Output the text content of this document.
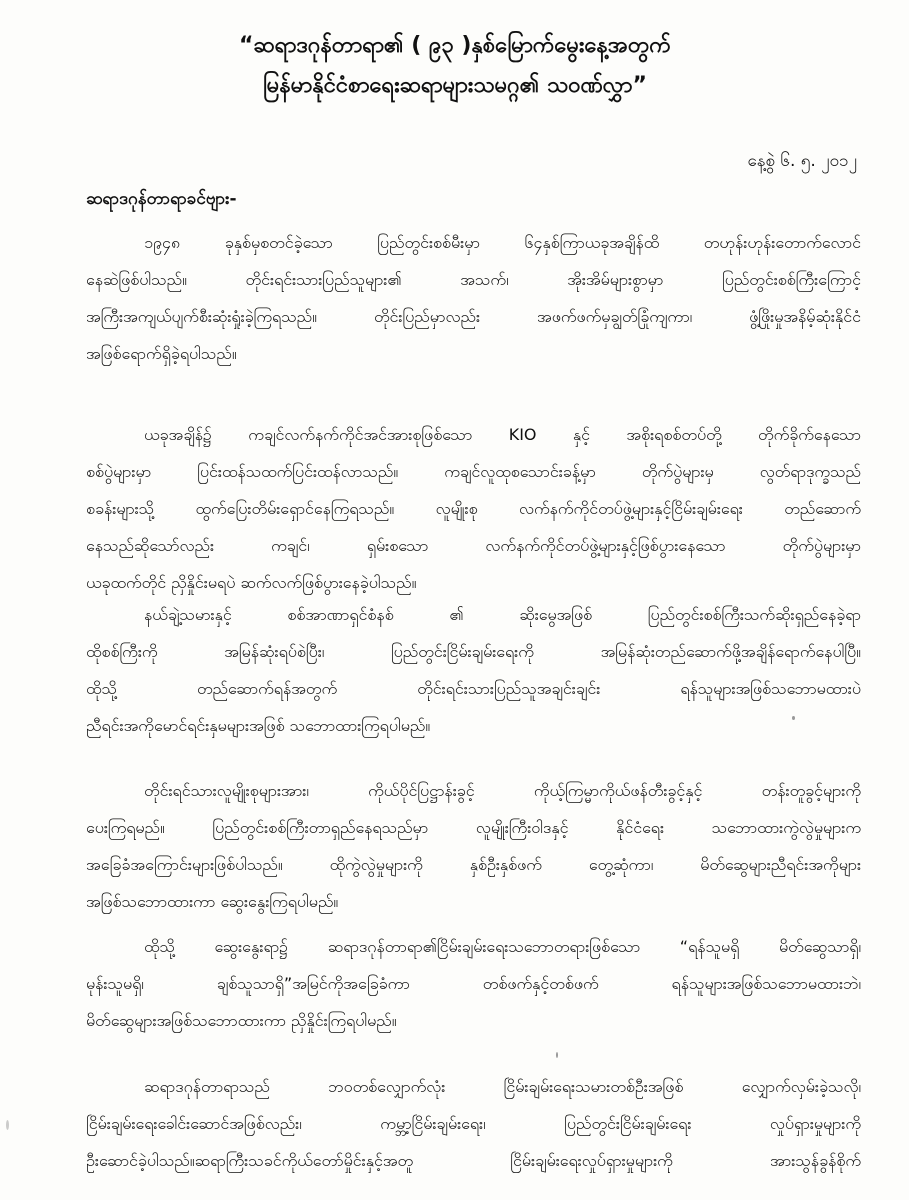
“ဆရာဒဂုန်တာရာ၏ ( ၉၃ )နှစ်မြောက်မွေးနေ့အတွက်
မြန်မာနိုင်ငံစာရေးဆရာများသမဂ္ဂ၏ သဝဏ်လွှာ”
နေ့စွဲ ၆. ၅. ၂၀၁၂
ဆရာဒဂုန်တာရာခင်ဗျား-
၁၉၄၈ ခုနှစ်မှစတင်ခဲ့သော ပြည်တွင်းစစ်မီးမှာ ၆၄နှစ်ကြာယခုအချိန်ထိ တဟုန်းဟုန်းတောက်လောင်
နေဆဲဖြစ်ပါသည်။ တိုင်းရင်းသားပြည်သူများ၏ အသက်၊ အိုးအိမ်များစွာမှာ ပြည်တွင်းစစ်ကြီးကြောင့်
အကြီးအကျယ်ပျက်စီးဆုံးရှုံးခဲ့ကြရသည်။ တိုင်းပြည်မှာလည်း အဖက်ဖက်မှချွတ်ခြုံကျကာ၊ ဖွံ့ဖြိုးမှုအနိမ့်ဆုံးနိုင်ငံ
အဖြစ်ရောက်ရှိခဲ့ရပါသည်။
ယခုအချိန်၌ ကချင်လက်နက်ကိုင်အင်အားစုဖြစ်သော KIO နှင့် အစိုးရစစ်တပ်တို့ တိုက်ခိုက်နေသော
စစ်ပွဲများမှာ ပြင်းထန်သထက်ပြင်းထန်လာသည်။ ကချင်လူထုစသောင်းခန့်မှာ တိုက်ပွဲများမှ လွတ်ရာဒုက္ခသည်
စခန်းများသို့ ထွက်ပြေးတိမ်းရှောင်နေကြရသည်။ လူမျိုးစု လက်နက်ကိုင်တပ်ဖွဲ့များနှင့်ငြိမ်းချမ်းရေး တည်ဆောက်
နေသည်ဆိုသော်လည်း ကချင်၊ ရှမ်းစသော လက်နက်ကိုင်တပ်ဖွဲ့များနှင့်ဖြစ်ပွားနေသော တိုက်ပွဲများမှာ
ယခုထက်တိုင် ညှိနှိုင်းမရပဲ ဆက်လက်ဖြစ်ပွားနေခဲ့ပါသည်။
နယ်ချဲ့သမားနှင့် စစ်အာဏာရှင်စံနစ် ၏ ဆိုးမွေအဖြစ် ပြည်တွင်းစစ်ကြီးသက်ဆိုးရှည်နေခဲ့ရာ
ထိုစစ်ကြီးကို အမြန်ဆုံးရပ်စဲပြီး၊ ပြည်တွင်းငြိမ်းချမ်းရေးကို အမြန်ဆုံးတည်ဆောက်ဖို့အချိန်ရောက်နေပါပြီ။
ထိုသို့ တည်ဆောက်ရန်အတွက် တိုင်းရင်းသားပြည်သူအချင်းချင်း ရန်သူများအဖြစ်သဘောမထားပဲ
ညီရင်းအကိုမောင်ရင်းနှမများအဖြစ် သဘောထားကြရပါမည်။
တိုင်းရင်သားလူမျိုးစုများအား၊ ကိုယ်ပိုင်ပြဋ္ဌာန်းခွင့် ကိုယ့်ကြမ္မာကိုယ်ဖန်တီးခွင့်နှင့် တန်းတူခွင့်များကို
ပေးကြရမည်။ ပြည်တွင်းစစ်ကြီးတာရှည်နေရသည်မှာ လူမျိုးကြီးဝါဒနှင့် နိုင်ငံရေး သဘောထားကွဲလွဲမှုများက
အခြေခံအကြောင်းများဖြစ်ပါသည်။ ထိုကွဲလွဲမှုများကို နှစ်ဦးနှစ်ဖက် တွေ့ဆုံကာ၊ မိတ်ဆွေများညီရင်းအကိုများ
အဖြစ်သဘောထားကာ ဆွေးနွေးကြရပါမည်။
ထိုသို့ ဆွေးနွေးရာ၌ ဆရာဒဂုန်တာရာ၏ငြိမ်းချမ်းရေးသဘောတရားဖြစ်သော “ရန်သူမရှိ မိတ်ဆွေသာရှိ၊
မုန်းသူမရှိ၊ ချစ်သူသာရှိ”အမြင်ကိုအခြေခံကာ တစ်ဖက်နှင့်တစ်ဖက် ရန်သူများအဖြစ်သဘောမထားဘဲ၊
မိတ်ဆွေများအဖြစ်သဘောထားကာ ညှိနှိုင်းကြရပါမည်။
ဆရာဒဂုန်တာရာသည် ဘဝတစ်လျှောက်လုံး ငြိမ်းချမ်းရေးသမားတစ်ဦးအဖြစ် လျှောက်လှမ်းခဲ့သလို၊
ငြိမ်းချမ်းရေးခေါင်းဆောင်အဖြစ်လည်း၊ ကမ္ဘာ့ငြိမ်းချမ်းရေး၊ ပြည်တွင်းငြိမ်းချမ်းရေး လှုပ်ရှားမှုများကို
ဦးဆောင်ခဲ့ပါသည်။ဆရာကြီးသခင်ကိုယ်တော်မှိုင်းနှင့်အတူ ငြိမ်းချမ်းရေးလှုပ်ရှားမှုများကို အားသွန်ခွန်စိုက်
